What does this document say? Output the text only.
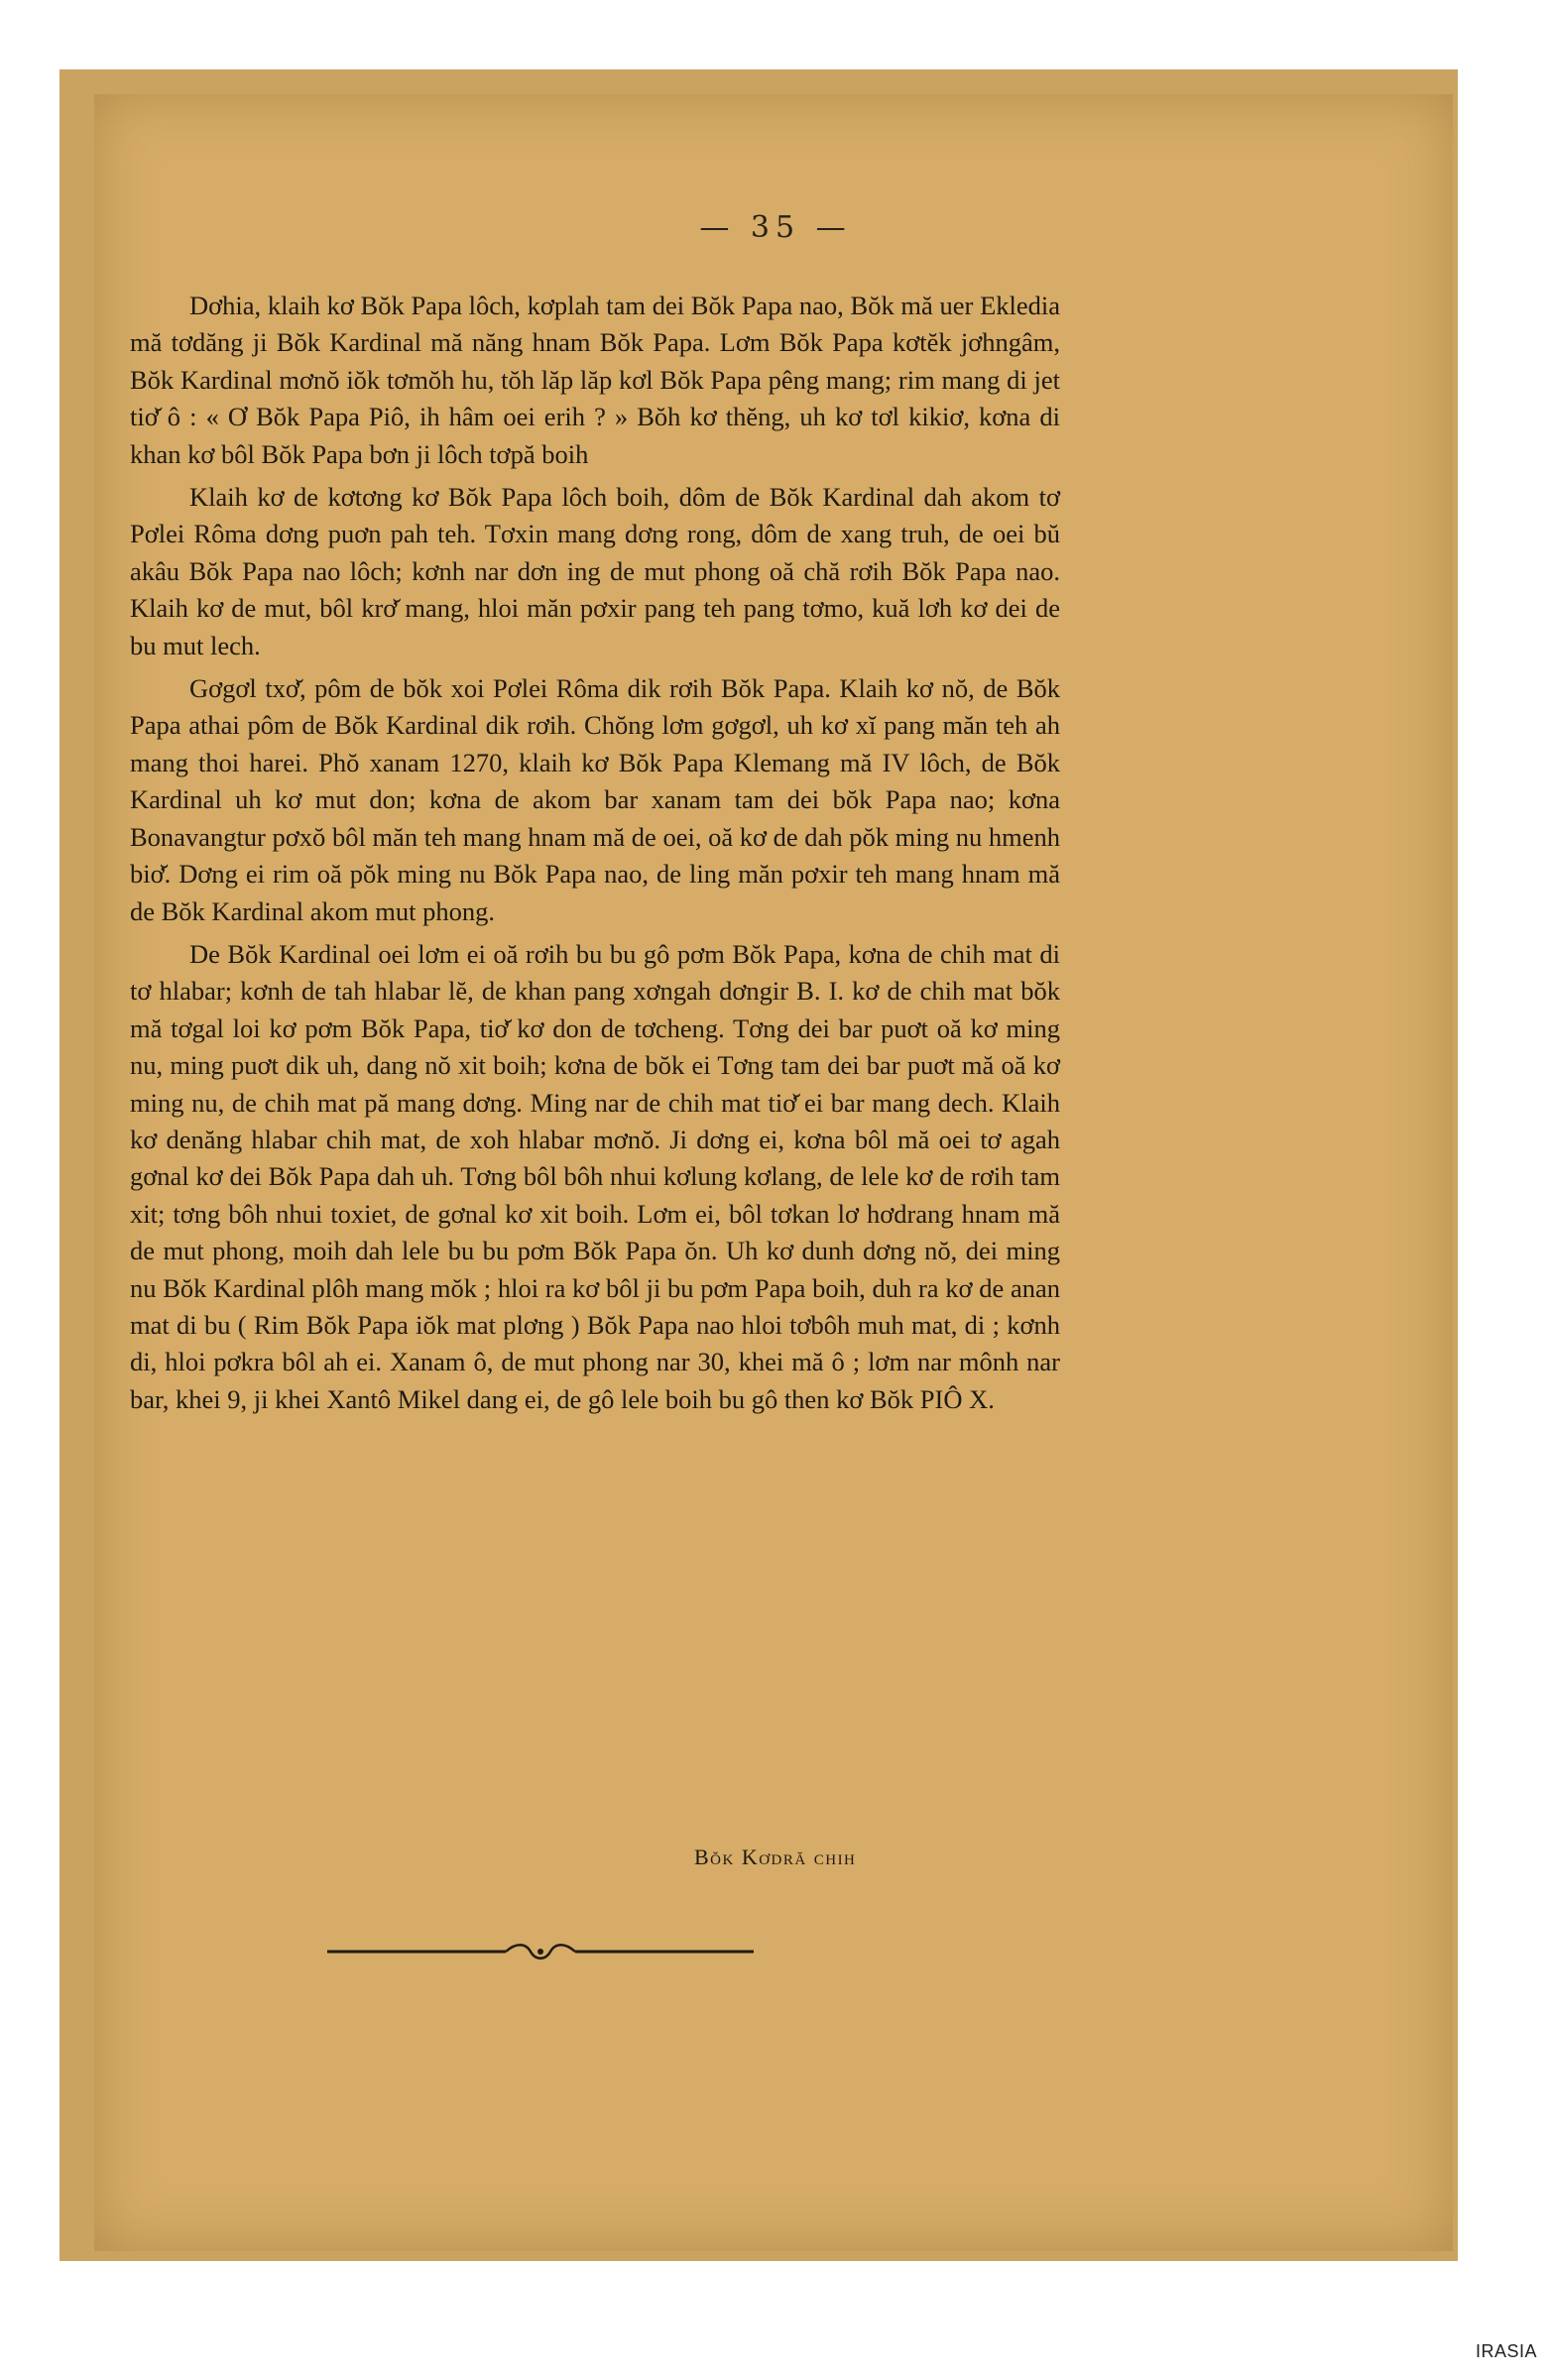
— 35 —

Dơhia, klaih kơ Bŏk Papa lôch, kơplah tam dei Bŏk Papa nao, Bŏk mă uer Ekledia mă tơdăng ji Bŏk Kardinal mă năng hnam Bŏk Papa. Lơm Bŏk Papa kơtĕk jơhngâm, Bŏk Kardinal mơnŏ iŏk tơmŏh hu, tŏh lăp lăp kơl Bŏk Papa pêng mang; rim mang di jet tiơ̆ ô : « Ơ Bŏk Papa Piô, ih hâm oei erih ? » Bŏh kơ thĕng, uh kơ tơl kikiơ, kơna di khan kơ bôl Bŏk Papa bơn ji lôch tơpă boih

Klaih kơ de kơtơng kơ Bŏk Papa lôch boih, dôm de Bŏk Kardinal dah akom tơ Pơlei Rôma dơng puơn pah teh. Tơxin mang dơng rong, dôm de xang truh, de oei bŭ akâu Bŏk Papa nao lôch; kơnh nar dơn ing de mut phong oă chă rơih Bŏk Papa nao. Klaih kơ de mut, bôl krơ̆ mang, hloi măn pơxir pang teh pang tơmo, kuă lơh kơ dei de bu mut lech.

Gơgơl txơ̆, pôm de bŏk xoi Pơlei Rôma dik rơih Bŏk Papa. Klaih kơ nŏ, de Bŏk Papa athai pôm de Bŏk Kardinal dik rơih. Chŏng lơm gơgơl, uh kơ xĭ pang măn teh ah mang thoi harei. Phŏ xanam 1270, klaih kơ Bŏk Papa Klemang mă IV lôch, de Bŏk Kardinal uh kơ mut don; kơna de akom bar xanam tam dei bŏk Papa nao; kơna Bonavangtur pơxŏ bôl măn teh mang hnam mă de oei, oă kơ de dah pŏk ming nu hmenh biơ̆. Dơng ei rim oă pŏk ming nu Bŏk Papa nao, de ling măn pơxir teh mang hnam mă de Bŏk Kardinal akom mut phong.

De Bŏk Kardinal oei lơm ei oă rơih bu bu gô pơm Bŏk Papa, kơna de chih mat di tơ hlabar; kơnh de tah hlabar lĕ, de khan pang xơngah dơngir B. I. kơ de chih mat bŏk mă tơgal loi kơ pơm Bŏk Papa, tiơ̆ kơ don de tơcheng. Tơng dei bar puơt oă kơ ming nu, ming puơt dik uh, dang nŏ xit boih; kơna de bŏk ei Tơng tam dei bar puơt mă oă kơ ming nu, de chih mat pă mang dơng. Ming nar de chih mat tiơ̆ ei bar mang dech. Klaih kơ denăng hlabar chih mat, de xoh hlabar mơnŏ. Ji dơng ei, kơna bôl mă oei tơ agah gơnal kơ dei Bŏk Papa dah uh. Tơng bôl bôh nhui kơlung kơlang, de lele kơ de rơih tam xit; tơng bôh nhui toxiet, de gơnal kơ xit boih. Lơm ei, bôl tơkan lơ hơdrang hnam mă de mut phong, moih dah lele bu bu pơm Bŏk Papa ŏn. Uh kơ dunh dơng nŏ, dei ming nu Bŏk Kardinal plôh mang mŏk ; hloi ra kơ bôl ji bu pơm Papa boih, duh ra kơ de anan mat di bu ( Rim Bŏk Papa iŏk mat plơng ) Bŏk Papa nao hloi tơbôh muh mat, di ; kơnh di, hloi pơkra bôl ah ei. Xanam ô, de mut phong nar 30, khei mă ô ; lơm nar mônh nar bar, khei 9, ji khei Xantô Mikel dang ei, de gô lele boih bu gô then kơ Bŏk PIÔ X.

Bŏk Kơdră chih
IRASIA
